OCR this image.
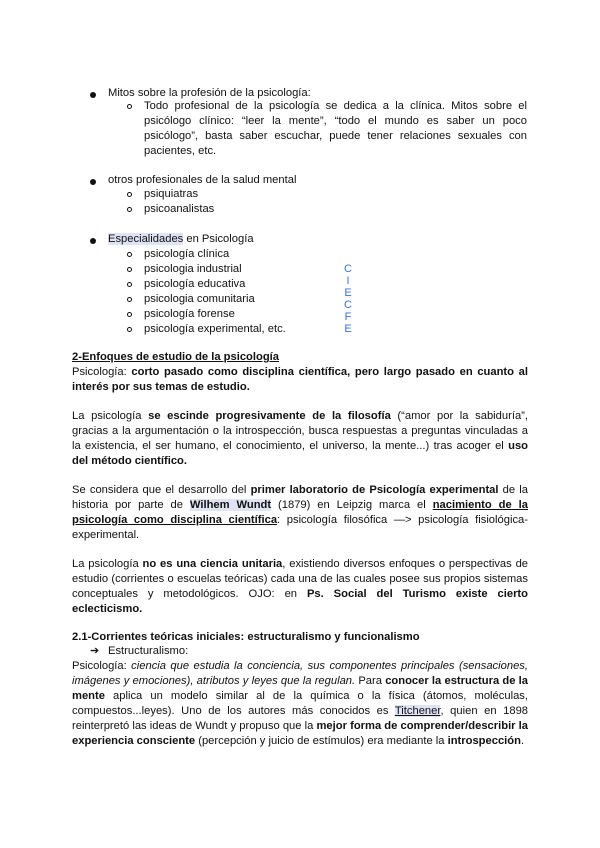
Mitos sobre la profesión de la psicología:
Todo profesional de la psicología se dedica a la clínica. Mitos sobre el psicólogo clínico: “leer la mente”, “todo el mundo es saber un poco psicólogo”, basta saber escuchar, puede tener relaciones sexuales con pacientes, etc.
otros profesionales de la salud mental
psiquiatras
psicoanalistas
Especialidades en Psicología
psicología clínica
psicologia industrial
psicología educativa
psicologia comunitaria
psicología forense
psicología experimental, etc.
C
I
E
C
F
E
2-Enfoques de estudio de la psicología
Psicología: corto pasado como disciplina científica, pero largo pasado en cuanto al interés por sus temas de estudio.
La psicología se escinde progresivamente de la filosofía (“amor por la sabiduría”, gracias a la argumentación o la introspección, busca respuestas a preguntas vinculadas a la existencia, el ser humano, el conocimiento, el universo, la mente...) tras acoger el uso del método científico.
Se considera que el desarrollo del primer laboratorio de Psicología experimental de la historia por parte de Wilhem Wundt (1879) en Leipzig marca el nacimiento de la psicología como disciplina científica: psicología filosófica —> psicología fisiológica-experimental.
La psicología no es una ciencia unitaria, existiendo diversos enfoques o perspectivas de estudio (corrientes o escuelas teóricas) cada una de las cuales posee sus propios sistemas conceptuales y metodológicos. OJO: en Ps. Social del Turismo existe cierto eclecticismo.
2.1-Corrientes teóricas iniciales: estructuralismo y funcionalismo
➔ Estructuralismo:
Psicología: ciencia que estudia la conciencia, sus componentes principales (sensaciones, imágenes y emociones), atributos y leyes que la regulan. Para conocer la estructura de la mente aplica un modelo similar al de la química o la física (átomos, moléculas, compuestos...leyes). Uno de los autores más conocidos es Titchener, quien en 1898 reinterpretó las ideas de Wundt y propuso que la mejor forma de comprender/describir la experiencia consciente (percepción y juicio de estímulos) era mediante la introspección.
